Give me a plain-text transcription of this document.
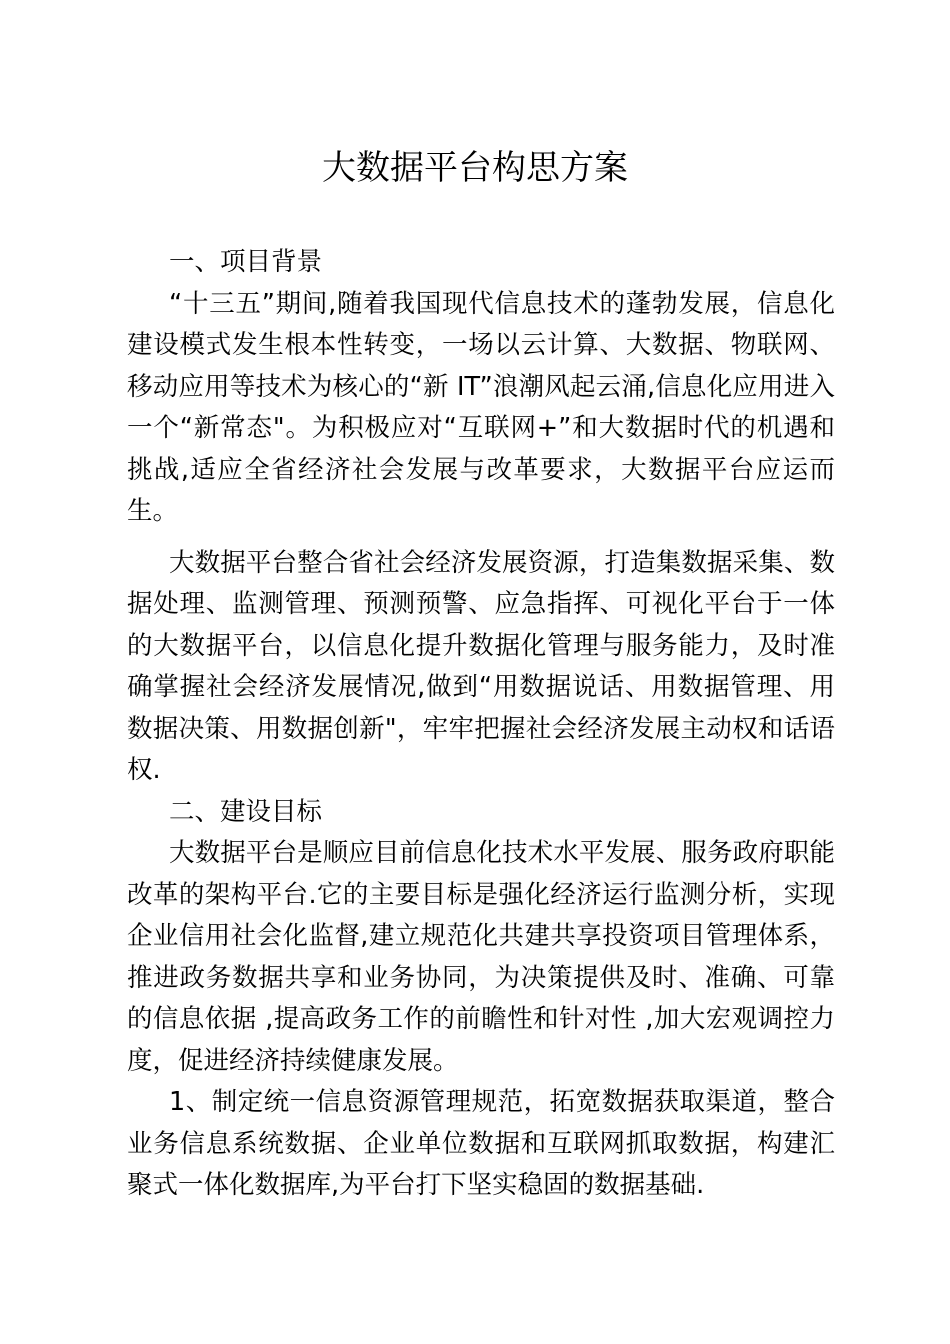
大数据平台构思方案
一、项目背景

“十三五”期间,随着我国现代信息技术的蓬勃发展，信息化建设模式发生根本性转变，一场以云计算、大数据、物联网、移动应用等技术为核心的“新 IT”浪潮风起云涌,信息化应用进入一个“新常态"。为积极应对“互联网+”和大数据时代的机遇和挑战,适应全省经济社会发展与改革要求，大数据平台应运而生。

大数据平台整合省社会经济发展资源，打造集数据采集、数据处理、监测管理、预测预警、应急指挥、可视化平台于一体的大数据平台，以信息化提升数据化管理与服务能力，及时准确掌握社会经济发展情况,做到“用数据说话、用数据管理、用数据决策、用数据创新"，牢牢把握社会经济发展主动权和话语权.

二、建设目标

大数据平台是顺应目前信息化技术水平发展、服务政府职能改革的架构平台.它的主要目标是强化经济运行监测分析，实现企业信用社会化监督,建立规范化共建共享投资项目管理体系，推进政务数据共享和业务协同，为决策提供及时、准确、可靠的信息依据 ,提高政务工作的前瞻性和针对性 ,加大宏观调控力度，促进经济持续健康发展。

1、制定统一信息资源管理规范，拓宽数据获取渠道，整合业务信息系统数据、企业单位数据和互联网抓取数据，构建汇聚式一体化数据库,为平台打下坚实稳固的数据基础.
